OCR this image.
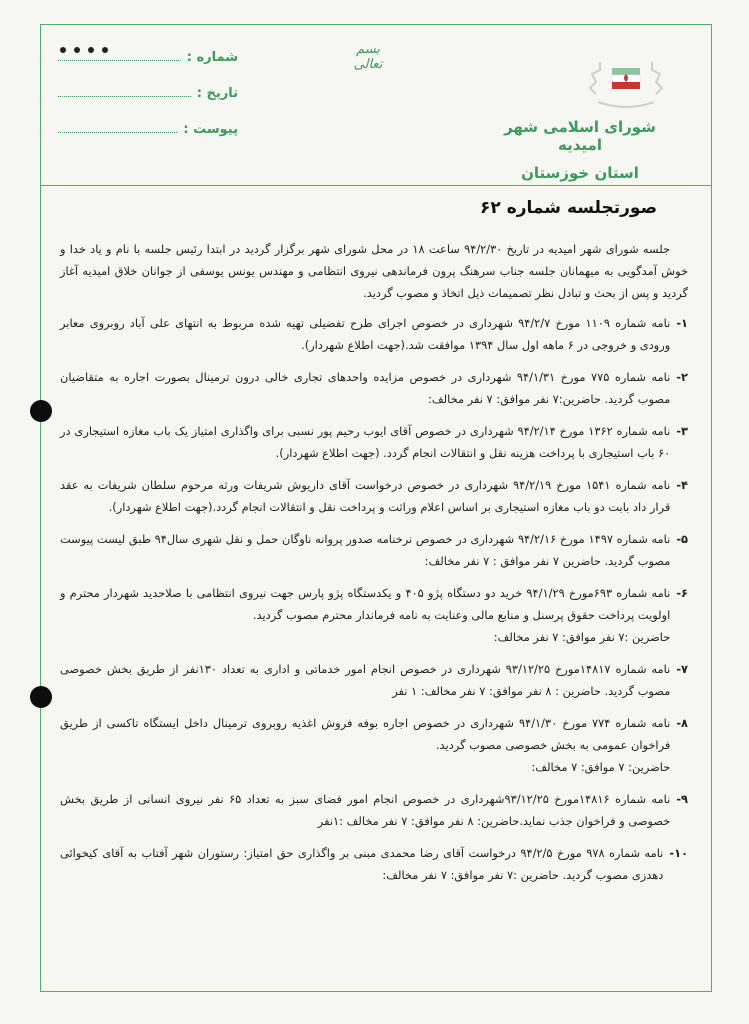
شماره :
تاریخ :
پیوست :
بسم تعالی
شورای اسلامی شهر امیدیه
استان خوزستان
صورتجلسه شماره ۶۲

جلسه شورای شهر امیدیه در تاریخ ۹۴/۲/۳۰ ساعت ۱۸ در محل شورای شهر برگزار گردید در ابتدا رئیس جلسه با نام و یاد خدا و خوش آمدگویی به میهمانان جلسه جناب سرهنگ پرون فرماندهی نیروی انتظامی و مهندس یونس یوسفی از جوانان خلاق امیدیه آغاز گردید و پس از بحث و تبادل نظر تصمیمات ذیل اتخاذ و مصوب گردید.

۱-
نامه شماره ۱۱۰۹ مورخ ۹۴/۲/۷ شهرداری در خصوص اجرای طرح تفضیلی تهیه شده مربوط به انتهای علی آباد روبروی معابر ورودی و خروجی در ۶ ماهه اول سال ۱۳۹۴ موافقت شد.(جهت اطلاع شهردار).
۲-
نامه شماره ۷۷۵ مورخ ۹۴/۱/۳۱ شهرداری در خصوص مزایده واحدهای تجاری خالی درون ترمینال بصورت اجاره به متقاضیان مصوب گردید. حاضرین:۷ نفر موافق: ۷ نفر مخالف:
۳-
نامه شماره ۱۳۶۲ مورخ ۹۴/۲/۱۴ شهرداری در خصوص آقای ایوب رحیم پور نسبی برای واگذاری امتیاز یک باب مغازه استیجاری در ۶۰ باب استیجاری با پرداخت هزینه نقل و انتقالات انجام گردد. (جهت اطلاع شهردار).
۴-
نامه شماره ۱۵۴۱ مورخ ۹۴/۲/۱۹ شهرداری در خصوص درخواست آقای داریوش شریفات ورثه مرحوم سلطان شریفات به عقد قرار داد بابت دو باب مغازه استیجاری بر اساس اعلام وراثت و پرداخت نقل و انتقالات انجام گردد.(جهت اطلاع شهردار).
۵-
نامه شماره ۱۴۹۷ مورخ ۹۴/۲/۱۶ شهرداری در خصوص نرخنامه صدور پروانه ناوگان حمل و نقل شهری سال۹۴ طبق لیست پیوست مصوب گردید. حاضرین ۷ نفر موافق : ۷ نفر مخالف:
۶-
نامه شماره ۶۹۳مورخ ۹۴/۱/۲۹ خرید دو دستگاه پژو ۴۰۵ و یکدستگاه پژو پارس جهت نیروی انتظامی با صلاحدید شهردار محترم و اولویت پرداخت حقوق پرسنل و منابع مالی وعنایت به نامه فرماندار محترم مصوب گردید.
حاضرین :۷ نفر موافق: ۷ نفر مخالف:
۷-
نامه شماره ۱۴۸۱۷مورخ ۹۳/۱۲/۲۵ شهرداری در خصوص انجام امور خدماتی و اداری به تعداد ۱۳۰نفر از طریق بخش خصوصی مصوب گردید. حاضرین : ۸ نفر موافق: ۷ نفر مخالف: ۱ نفر
۸-
نامه شماره ۷۷۴ مورخ ۹۴/۱/۳۰ شهرداری در خصوص اجاره بوفه فروش اغذیه روبروی ترمینال داخل ایستگاه تاکسی از طریق فراخوان عمومی به بخش خصوصی مصوب گردید.
حاضرین: ۷ موافق: ۷ مخالف:
۹-
نامه شماره ۱۴۸۱۶مورخ ۹۳/۱۲/۲۵شهرداری در خصوص انجام امور فضای سبز به تعداد ۶۵ نفر نیروی انسانی از طریق بخش خصوصی و فراخوان جذب نماید.حاضرین: ۸ نفر موافق: ۷ نفر مخالف :۱نفر
۱۰-
نامه شماره ۹۷۸ مورخ ۹۴/۲/۵ درخواست آقای رضا محمدی مبنی بر واگذاری حق امتیاز: رستوران شهر آفتاب به آقای کیخوائی دهدزی مصوب گردید. حاضرین :۷ نفر موافق: ۷ نفر مخالف:
